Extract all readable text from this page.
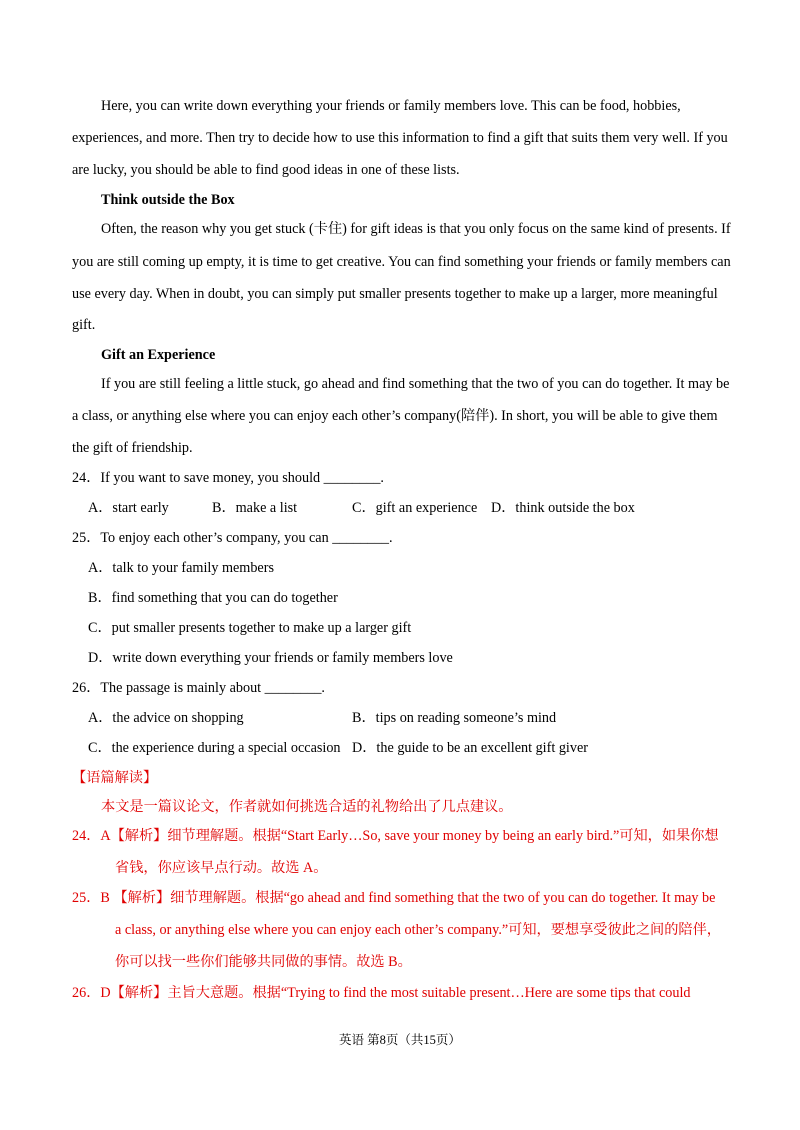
Here, you can write down everything your friends or family members love. This can be food, hobbies,
experiences, and more. Then try to decide how to use this information to find a gift that suits them very well. If you
are lucky, you should be able to find good ideas in one of these lists.
Think outside the Box
Often, the reason why you get stuck (卡住) for gift ideas is that you only focus on the same kind of presents. If
you are still coming up empty, it is time to get creative. You can find something your friends or family members can
use every day. When in doubt, you can simply put smaller presents together to make up a larger, more meaningful
gift.
Gift an Experience
If you are still feeling a little stuck, go ahead and find something that the two of you can do together. It may be
a class, or anything else where you can enjoy each other’s company(陪伴). In short, you will be able to give them
the gift of friendship.
24．If you want to save money, you should ________.
A．start early	B．make a list	C．gift an experience D．think outside the box
25．To enjoy each other’s company, you can ________.
A．talk to your family members
B．find something that you can do together
C．put smaller presents together to make up a larger gift
D．write down everything your friends or family members love
26．The passage is mainly about ________.
A．the advice on shopping	B．tips on reading someone’s mind
C．the experience during a special occasion D．the guide to be an excellent gift giver
【语篇解读】
本文是一篇议论文，作者就如何挑选合适的礼物给出了几点建议。
24．A【解析】细节理解题。根据“Start Early…So, save your money by being an early bird.”可知，如果你想
省钱，你应该早点行动。故选 A。
25．B 【解析】细节理解题。根据“go ahead and find something that the two of you can do together. It may be
a class, or anything else where you can enjoy each other’s company.”可知，要想享受彼此之间的陪伴，
你可以找一些你们能够共同做的事情。故选 B。
26．D【解析】主旨大意题。根据“Trying to find the most suitable present…Here are some tips that could
英语 第8页（共15页）
